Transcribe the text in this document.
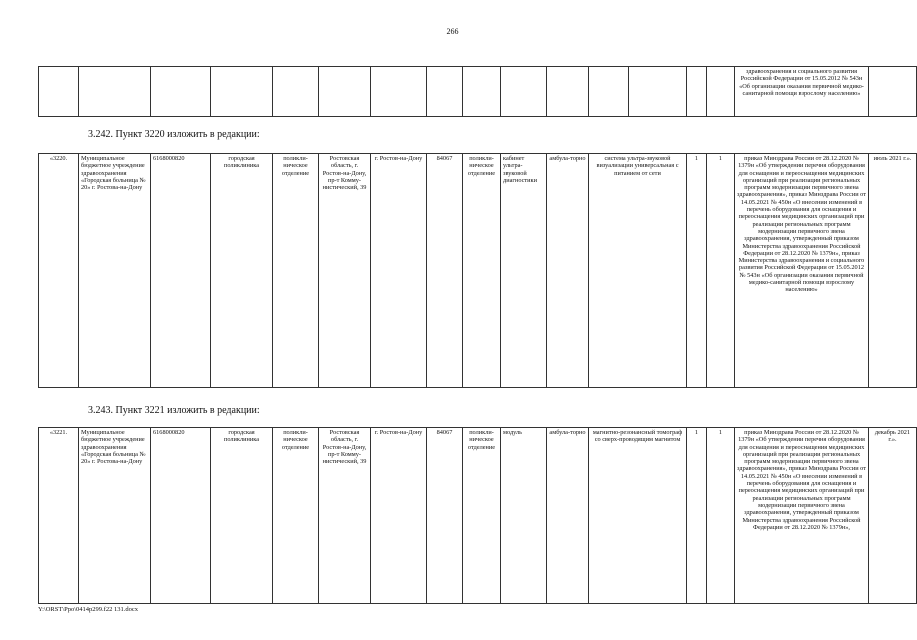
266
															здравоохранения и социального развития Российской Федерации от 15.05.2012 № 543н «Об организации оказания первичной медико-санитарной помощи взрослому населению»	
3.242. Пункт 3220 изложить в редакции:
«3220.	Муниципальное бюджетное учреждение здравоохранения «Городская больница № 20» г. Ростова-на-Дону	6168000820	городская поликлиника	поликли-ническое отделение	Ростовская область, г. Ростов-на-Дону, пр-т Комму-нистический, 39	г. Ростов-на-Дону	84067	поликли-ническое отделение	кабинет ультра-звуковой диагностики	амбула-торно	система ультра-звуковой визуализации универсальная с питанием от сети	1	1	приказ Минздрава России от 28.12.2020 № 1379н «Об утверждении перечня оборудования для оснащения и переоснащения медицинских организаций при реализации региональных программ модернизации первичного звена здравоохранения», приказ Минздрава России от 14.05.2021 № 450н «О внесении изменений в перечень оборудования для оснащения и переоснащения медицинских организаций при реализации региональных программ модернизации первичного звена здравоохранения, утвержденный приказом Министерства здравоохранения Российской Федерации от 28.12.2020 № 1379н», приказ Министерства здравоохранения и социального развития Российской Федерации от 15.05.2012 № 543н «Об организации оказания первичной медико-санитарной помощи взрослому населению»	июль 2021 г.».
3.243. Пункт 3221 изложить в редакции:
«3221.	Муниципальное бюджетное учреждение здравоохранения «Городская больница № 20» г. Ростова-на-Дону	6168000820	городская поликлиника	поликли-ническое отделение	Ростовская область, г. Ростов-на-Дону, пр-т Комму-нистический, 39	г. Ростов-на-Дону	84067	поликли-ническое отделение	модуль	амбула-торно	магнитно-резонансный томограф со сверх-проводящим магнитом	1	1	приказ Минздрава России от 28.12.2020 № 1379н «Об утверждении перечня оборудования для оснащения и переоснащения медицинских организаций при реализации региональных программ модернизации первичного звена здравоохранения», приказ Минздрава России от 14.05.2021 № 450н «О внесении изменений в перечень оборудования для оснащения и переоснащения медицинских организаций при реализации региональных программ модернизации первичного звена здравоохранения, утвержденный приказом Министерства здравоохранения Российской Федерации от 28.12.2020 № 1379н»,	декабрь 2021 г.».
Y:\ORST\Ppo\0414p299.f22 131.docx
